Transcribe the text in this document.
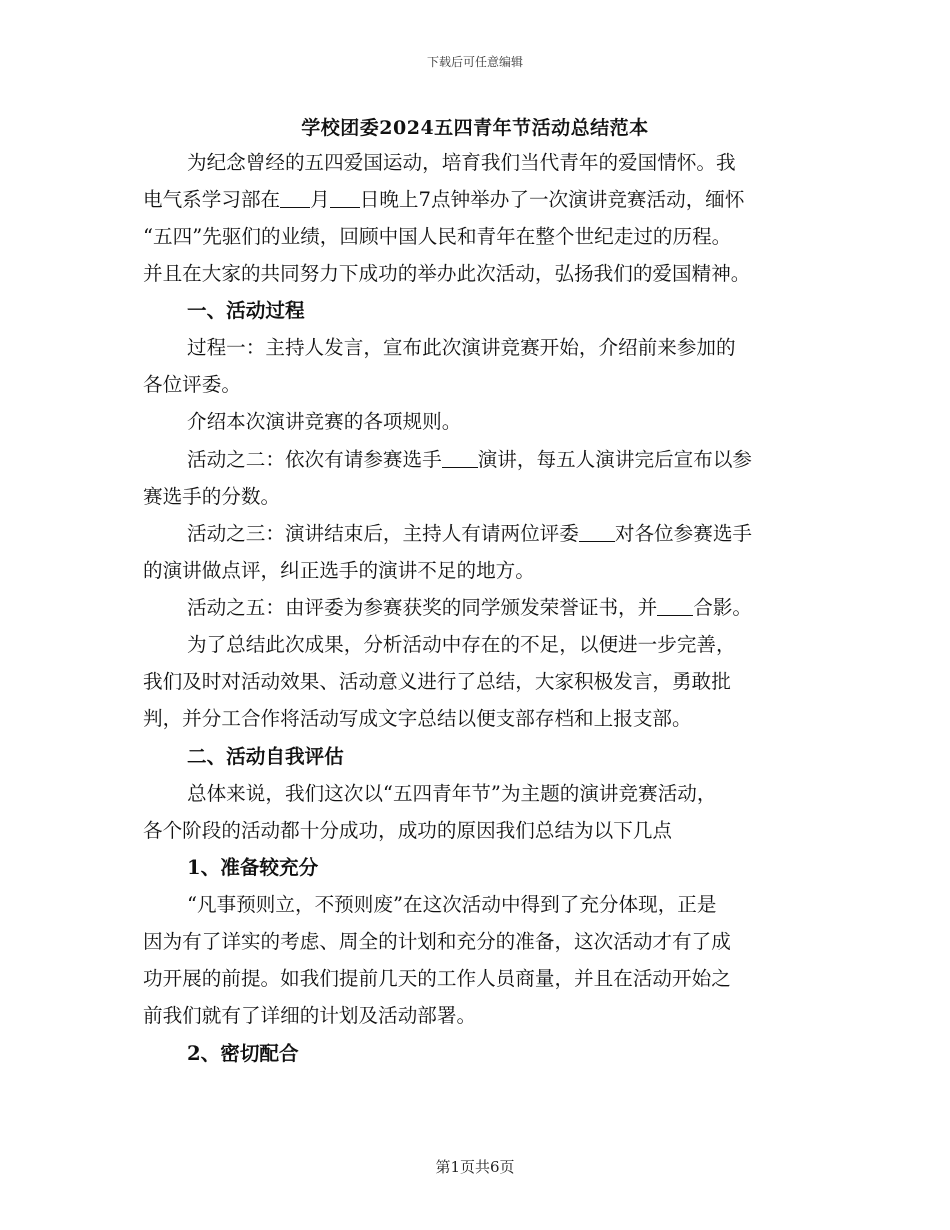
下载后可任意编辑
学校团委2024五四青年节活动总结范本
为纪念曾经的五四爱国运动，培育我们当代青年的爱国情怀。我
电气系学习部在 月 日晚上7点钟举办了一次演讲竞赛活动，缅怀
“五四”先驱们的业绩，回顾中国人民和青年在整个世纪走过的历程。
并且在大家的共同努力下成功的举办此次活动，弘扬我们的爱国精神。
一、活动过程
过程一：主持人发言，宣布此次演讲竞赛开始，介绍前来参加的
各位评委。
介绍本次演讲竞赛的各项规则。
活动之二：依次有请参赛选手 演讲，每五人演讲完后宣布以参
赛选手的分数。
活动之三：演讲结束后，主持人有请两位评委 对各位参赛选手
的演讲做点评，纠正选手的演讲不足的地方。
活动之五：由评委为参赛获奖的同学颁发荣誉证书，并 合影。
为了总结此次成果，分析活动中存在的不足，以便进一步完善，
我们及时对活动效果、活动意义进行了总结，大家积极发言，勇敢批
判，并分工合作将活动写成文字总结以便支部存档和上报支部。
二、活动自我评估
总体来说，我们这次以“五四青年节”为主题的演讲竞赛活动，
各个阶段的活动都十分成功，成功的原因我们总结为以下几点
1、准备较充分
“凡事预则立，不预则废”在这次活动中得到了充分体现，正是
因为有了详实的考虑、周全的计划和充分的准备，这次活动才有了成
功开展的前提。如我们提前几天的工作人员商量，并且在活动开始之
前我们就有了详细的计划及活动部署。
2、密切配合
第1页共6页
